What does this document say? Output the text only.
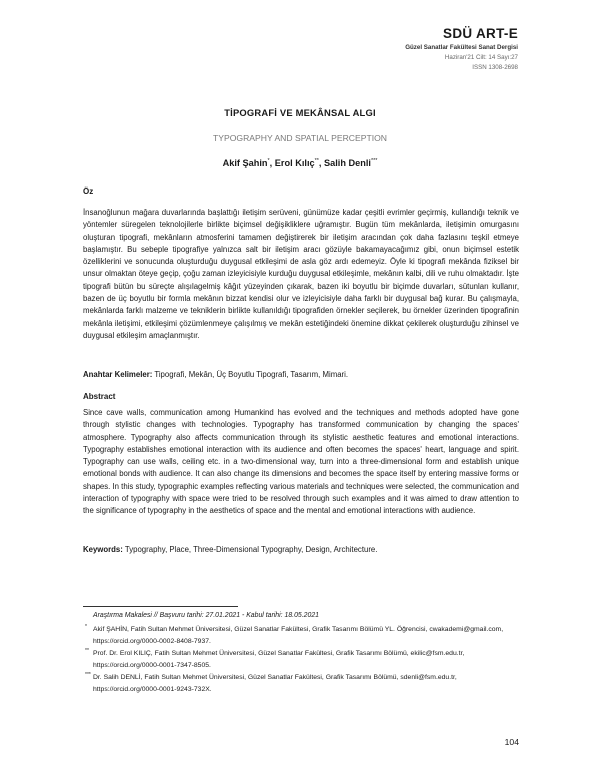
SDÜ ART-E
Güzel Sanatlar Fakültesi Sanat Dergisi
Haziran'21 Cilt: 14 Sayı:27
ISSN 1308-2698
TİPOGRAFİ VE MEKÂNSAL ALGI
TYPOGRAPHY AND SPATIAL PERCEPTION
Akif Şahin*, Erol Kılıç**, Salih Denli***
Öz
İnsanoğlunun mağara duvarlarında başlattığı iletişim serüveni, günümüze kadar çeşitli evrimler geçirmiş, kullandığı teknik ve yöntemler süregelen teknolojilerle birlikte biçimsel değişikliklere uğramıştır. Bugün tüm mekânlarda, iletişimin omurgasını oluşturan tipografi, mekânların atmosferini tamamen değiştirerek bir iletişim aracından çok daha fazlasını teşkil etmeye başlamıştır. Bu sebeple tipografiye yalnızca salt bir iletişim aracı gözüyle bakamayacağımız gibi, onun biçimsel estetik özelliklerini ve sonucunda oluşturduğu duygusal etkileşimi de asla göz ardı edemeyiz. Öyle ki tipografi mekânda fiziksel bir unsur olmaktan öteye geçip, çoğu zaman izleyicisiyle kurduğu duygusal etkileşimle, mekânın kalbi, dili ve ruhu olmaktadır. İşte tipografi bütün bu süreçte alışılagelmiş kâğıt yüzeyinden çıkarak, bazen iki boyutlu bir biçimde duvarları, sütunları kullanır, bazen de üç boyutlu bir formla mekânın bizzat kendisi olur ve izleyicisiyle daha farklı bir duygusal bağ kurar. Bu çalışmayla, mekânlarda farklı malzeme ve tekniklerin birlikte kullanıldığı tipografiden örnekler seçilerek, bu örnekler üzerinden tipografinin mekânla iletişimi, etkileşimi çözümlenmeye çalışılmış ve mekân estetiğindeki önemine dikkat çekilerek oluşturduğu zihinsel ve duygusal etkileşim amaçlanmıştır.
Anahtar Kelimeler: Tipografi, Mekân, Üç Boyutlu Tipografi, Tasarım, Mimari.
Abstract
Since cave walls, communication among Humankind has evolved and the techniques and methods adopted have gone through stylistic changes with technologies. Typography has transformed communication by changing the spaces' atmosphere. Typography also affects communication through its stylistic aesthetic features and emotional interactions. Typography establishes emotional interaction with its audience and often becomes the spaces' heart, language and spirit. Typography can use walls, ceiling etc. in a two-dimensional way, turn into a three-dimensional form and establish unique emotional bonds with audience. It can also change its dimensions and becomes the space itself by entering massive forms or shapes. In this study, typographic examples reflecting various materials and techniques were selected, the communication and interaction of typography with space were tried to be resolved through such examples and it was aimed to draw attention to the significance of typography in the aesthetics of space and the mental and emotional interactions with audience.
Keywords: Typography, Place, Three-Dimensional Typography, Design, Architecture.
Araştırma Makalesi // Başvuru tarihi: 27.01.2021 - Kabul tarihi: 18.05.2021
* Akif ŞAHİN, Fatih Sultan Mehmet Üniversitesi, Güzel Sanatlar Fakültesi, Grafik Tasarımı Bölümü YL. Öğrencisi, cwakademi@gmail.com, https://orcid.org/0000-0002-8408-7937.
** Prof. Dr. Erol KILIÇ, Fatih Sultan Mehmet Üniversitesi, Güzel Sanatlar Fakültesi, Grafik Tasarımı Bölümü, ekilic@fsm.edu.tr, https://orcid.org/0000-0001-7347-8505.
*** Dr. Salih DENLİ, Fatih Sultan Mehmet Üniversitesi, Güzel Sanatlar Fakültesi, Grafik Tasarımı Bölümü, sdenli@fsm.edu.tr, https://orcid.org/0000-0001-9243-732X.
104
